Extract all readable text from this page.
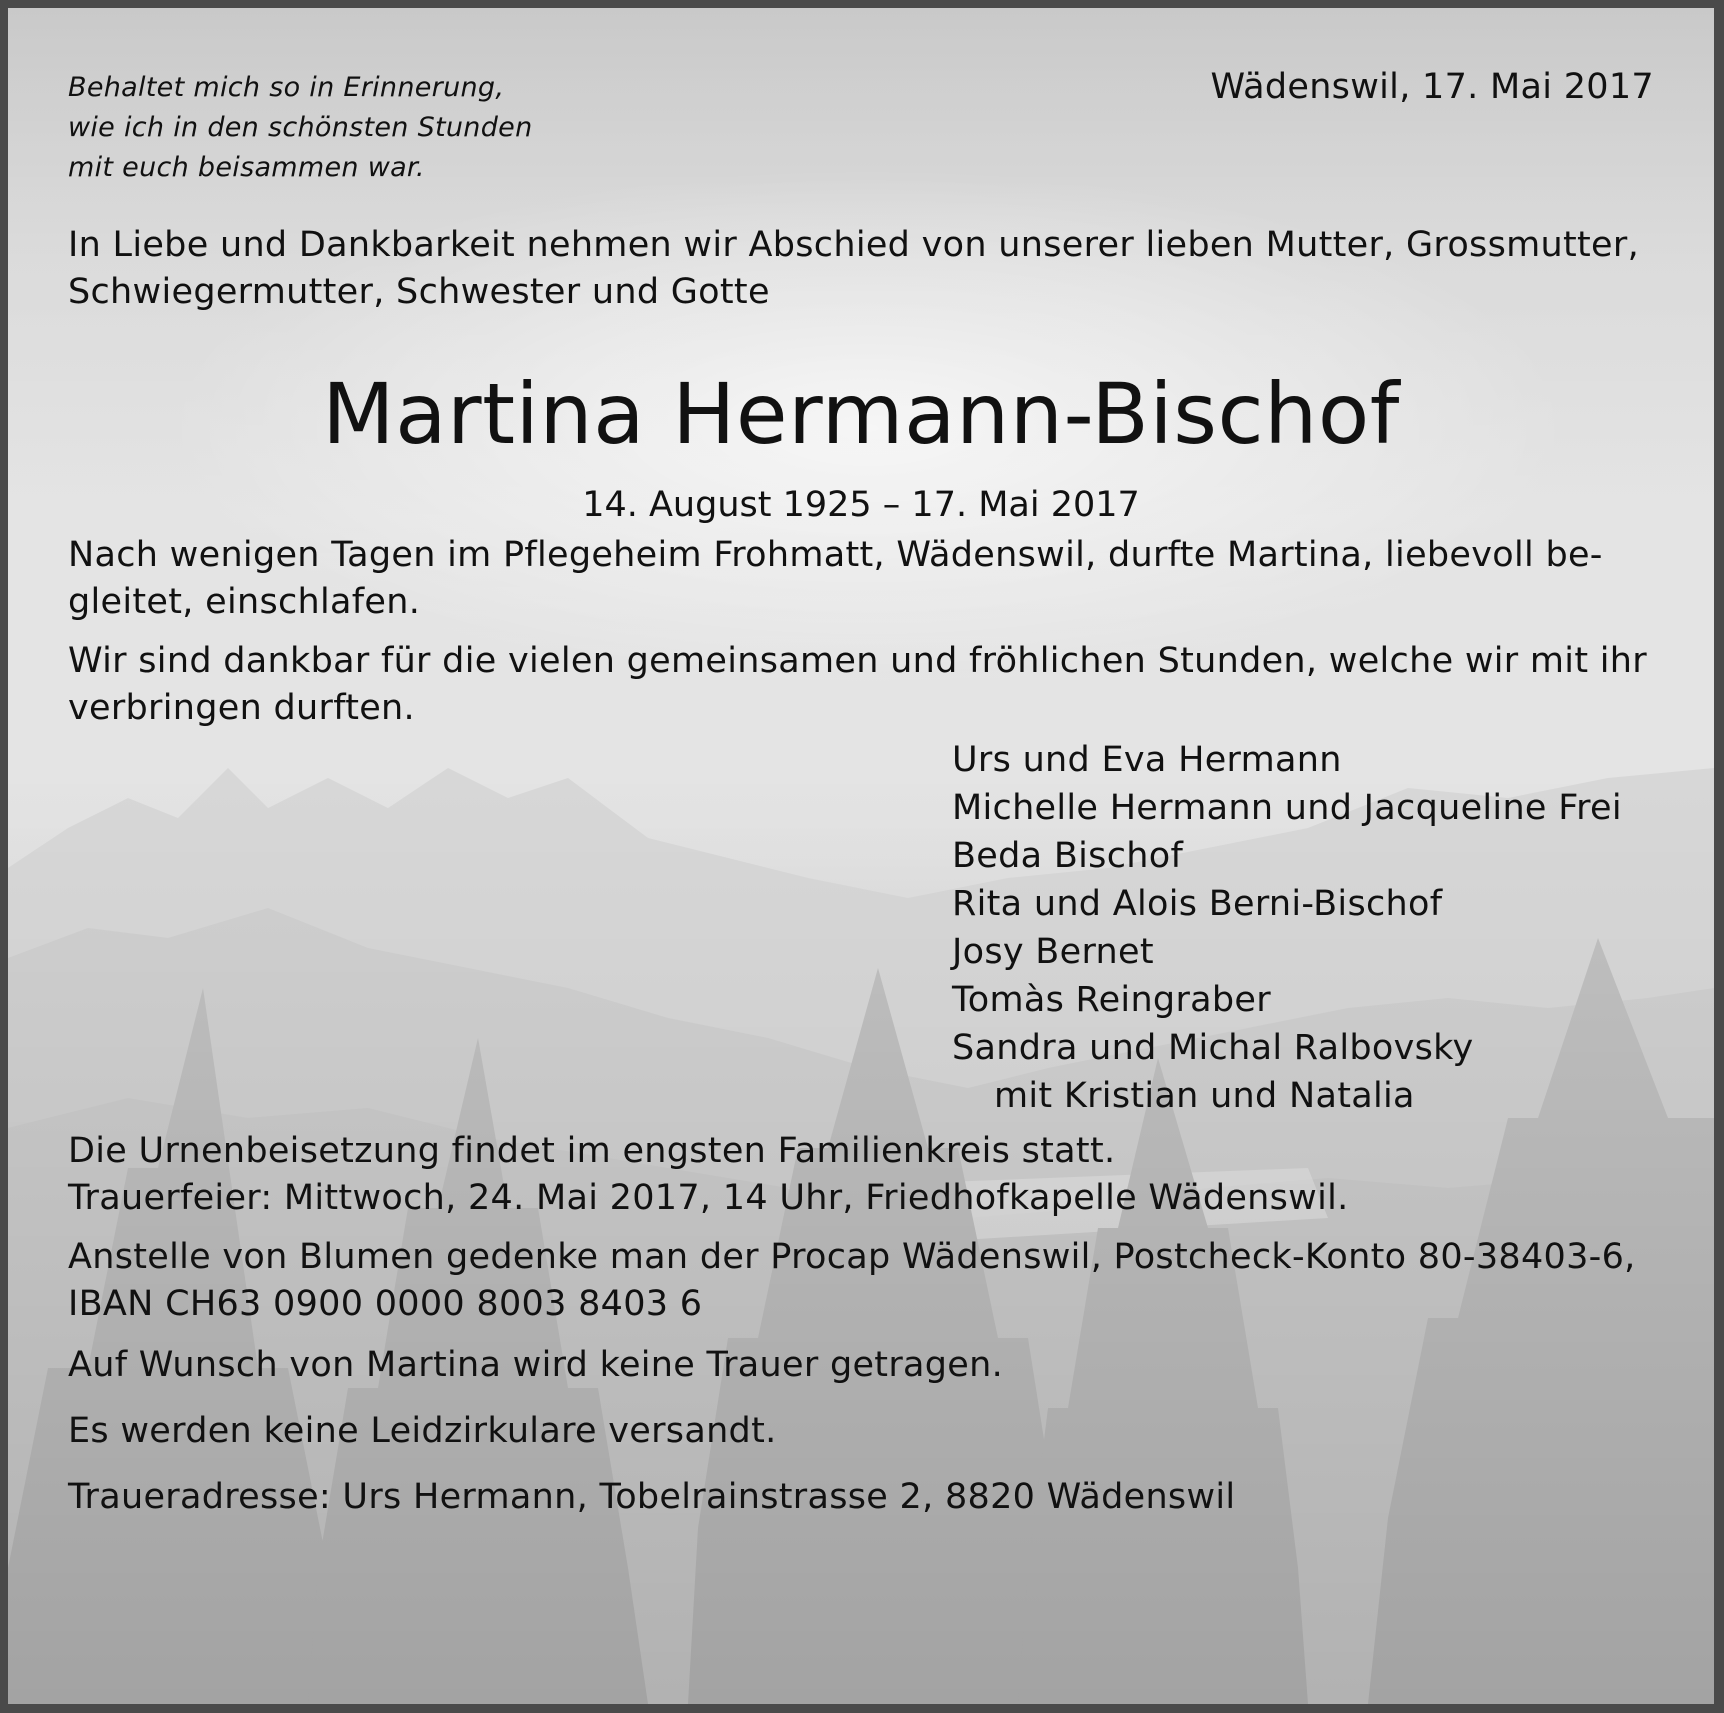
Behaltet mich so in Erinnerung,
wie ich in den schönsten Stunden
mit euch beisammen war.
Wädenswil, 17. Mai 2017
In Liebe und Dankbarkeit nehmen wir Abschied von unserer lieben Mutter, Grossmutter,
Schwiegermutter, Schwester und Gotte
Martina Hermann-Bischof
14. August 1925 – 17. Mai 2017
Nach wenigen Tagen im Pflegeheim Frohmatt, Wädenswil, durfte Martina, liebevoll be-
gleitet, einschlafen.
Wir sind dankbar für die vielen gemeinsamen und fröhlichen Stunden, welche wir mit ihr
verbringen durften.
Urs und Eva Hermann
Michelle Hermann und Jacqueline Frei
Beda Bischof
Rita und Alois Berni-Bischof
Josy Bernet
Tomàs Reingraber
Sandra und Michal Ralbovsky
mit Kristian und Natalia
Die Urnenbeisetzung findet im engsten Familienkreis statt.
Trauerfeier: Mittwoch, 24. Mai 2017, 14 Uhr, Friedhofkapelle Wädenswil.
Anstelle von Blumen gedenke man der Procap Wädenswil, Postcheck-Konto 80-38403-6,
IBAN CH63 0900 0000 8003 8403 6
Auf Wunsch von Martina wird keine Trauer getragen.
Es werden keine Leidzirkulare versandt.
Traueradresse: Urs Hermann, Tobelrainstrasse 2, 8820 Wädenswil
